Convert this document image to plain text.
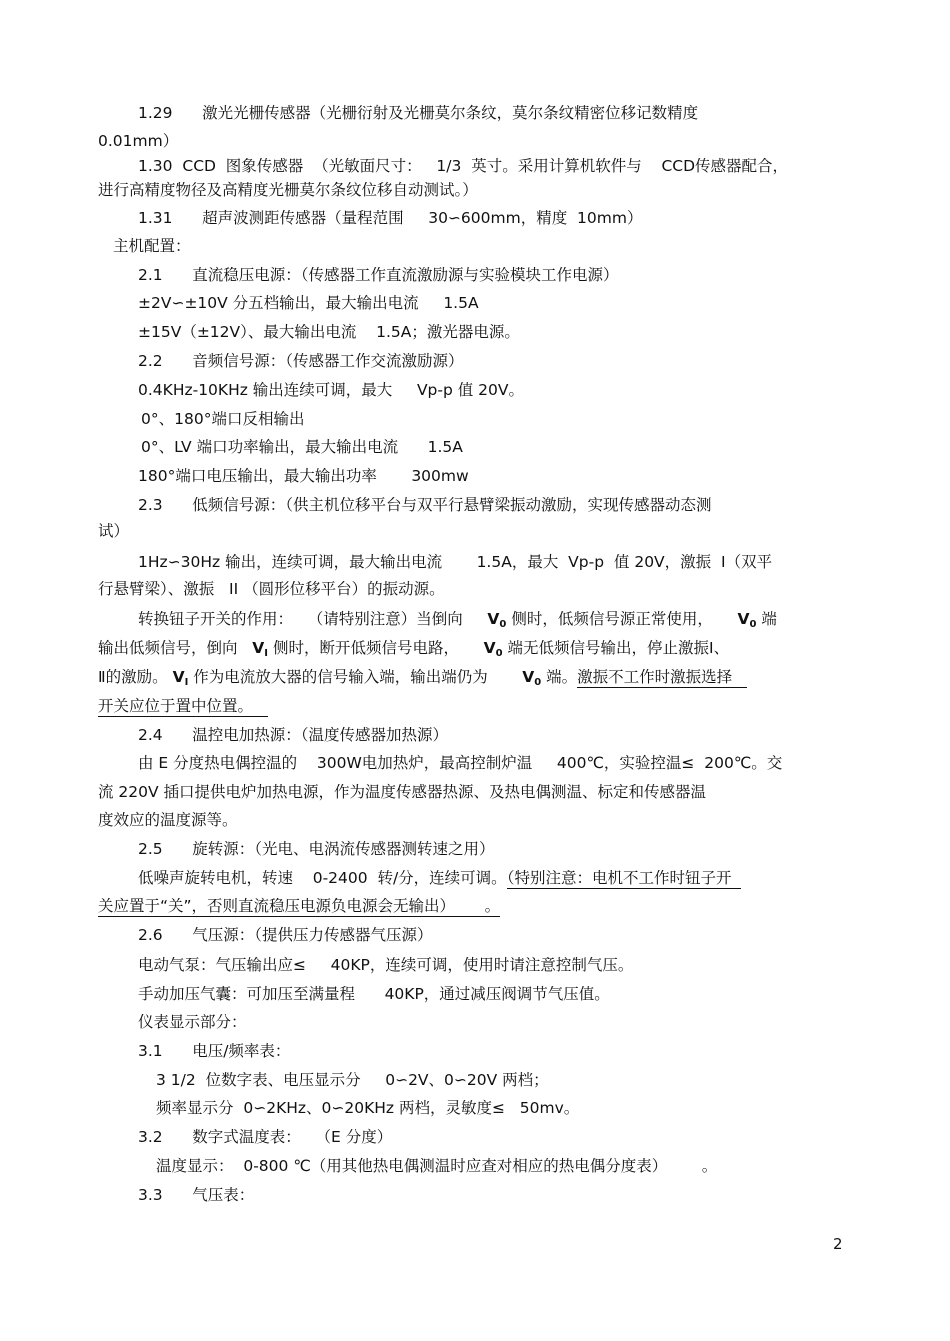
1.29      激光光栅传感器（光栅衍射及光栅莫尔条纹，莫尔条纹精密位移记数精度
0.01mm）
1.30  CCD  图象传感器  （光敏面尺寸：   1/3  英寸。采用计算机软件与    CCD传感器配合，
进行高精度物径及高精度光栅莫尔条纹位移自动测试。）
1.31      超声波测距传感器（量程范围     30∽600mm，精度  10mm）
主机配置：
2.1      直流稳压电源：（传感器工作直流激励源与实验模块工作电源）
±2V∽±10V 分五档输出，最大输出电流     1.5A
±15V（±12V）、最大输出电流    1.5A；激光器电源。
2.2      音频信号源：（传感器工作交流激励源）
0.4KHz-10KHz 输出连续可调，最大     Vp-p 值 20V。
0°、180°端口反相输出
0°、LV 端口功率输出，最大输出电流      1.5A
180°端口电压输出，最大输出功率       300mw
2.3      低频信号源：（供主机位移平台与双平行悬臂梁振动激励，实现传感器动态测
试）
1Hz∽30Hz 输出，连续可调，最大输出电流       1.5A，最大  Vp-p  值 20V，激振  I（双平
行悬臂梁）、激振   II （圆形位移平台）的振动源。
转换钮子开关的作用：   （请特别注意）当倒向     $V_0$ 侧时，低频信号源正常使用，     $V_0$ 端
输出低频信号，倒向   $V_I$ 侧时，断开低频信号电路，     $V_0$ 端无低频信号输出，停止激振Ⅰ、
Ⅱ的激励。 $V_I$ 作为电流放大器的信号输入端，输出端仍为       $V_0$ 端。激振不工作时激振选择
开关应位于置中位置。
2.4      温控电加热源：（温度传感器加热源）
由 E 分度热电偶控温的    300W电加热炉，最高控制炉温     400℃，实验控温≤  200℃。交
流 220V 插口提供电炉加热电源，作为温度传感器热源、及热电偶测温、标定和传感器温
度效应的温度源等。
2.5      旋转源：（光电、电涡流传感器测转速之用）
低噪声旋转电机，转速    0-2400  转/分，连续可调。（特别注意：电机不工作时钮子开
关应置于“关”，否则直流稳压电源负电源会无输出）      。
2.6      气压源：（提供压力传感器气压源）
电动气泵：气压输出应≤     40KP，连续可调，使用时请注意控制气压。
手动加压气囊：可加压至满量程      40KP，通过减压阀调节气压值。
仪表显示部分：
3.1      电压/频率表：
3 1/2  位数字表、电压显示分     0∽2V、0∽20V 两档；
频率显示分  0∽2KHz、0∽20KHz 两档，灵敏度≤   50mv。
3.2      数字式温度表：   （E 分度）
温度显示：  0-800 ℃（用其他热电偶测温时应查对相应的热电偶分度表）       。
3.3      气压表：
2
